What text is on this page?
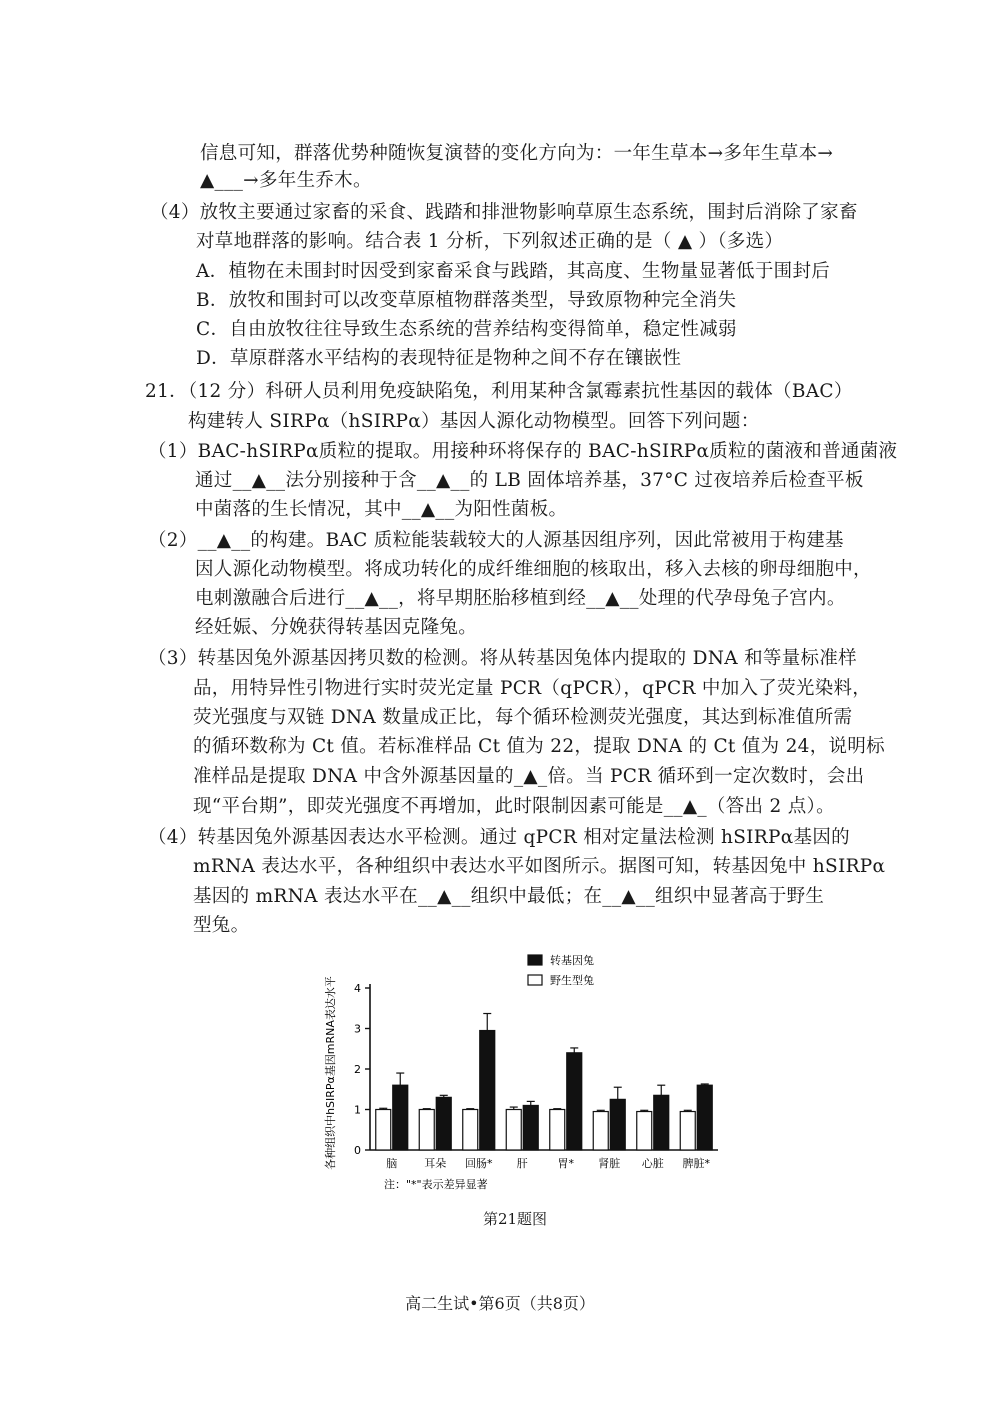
信息可知，群落优势种随恢复演替的变化方向为：一年生草本→多年生草本→
▲___→多年生乔木。
（4）放牧主要通过家畜的采食、践踏和排泄物影响草原生态系统，围封后消除了家畜
对草地群落的影响。结合表 1 分析，下列叙述正确的是（ ▲ ）（多选）
A．植物在未围封时因受到家畜采食与践踏，其高度、生物量显著低于围封后
B．放牧和围封可以改变草原植物群落类型，导致原物种完全消失
C．自由放牧往往导致生态系统的营养结构变得简单，稳定性减弱
D．草原群落水平结构的表现特征是物种之间不存在镶嵌性
21．（12 分）科研人员利用免疫缺陷兔，利用某种含氯霉素抗性基因的载体（BAC）
构建转人 SIRPα（hSIRPα）基因人源化动物模型。回答下列问题：
（1）BAC-hSIRPα质粒的提取。用接种环将保存的 BAC-hSIRPα质粒的菌液和普通菌液
通过__▲__法分别接种于含__▲__的 LB 固体培养基，37°C 过夜培养后检查平板
中菌落的生长情况，其中__▲__为阳性菌板。
（2）__▲__的构建。BAC 质粒能装载较大的人源基因组序列，因此常被用于构建基
因人源化动物模型。将成功转化的成纤维细胞的核取出，移入去核的卵母细胞中，
电刺激融合后进行__▲__，将早期胚胎移植到经__▲__处理的代孕母兔子宫内。
经妊娠、分娩获得转基因克隆兔。
（3）转基因兔外源基因拷贝数的检测。将从转基因兔体内提取的 DNA 和等量标准样
品，用特异性引物进行实时荧光定量 PCR（qPCR），qPCR 中加入了荧光染料，
荧光强度与双链 DNA 数量成正比，每个循环检测荧光强度，其达到标准值所需
的循环数称为 Ct 值。若标准样品 Ct 值为 22，提取 DNA 的 Ct 值为 24，说明标
准样品是提取 DNA 中含外源基因量的_▲_倍。当 PCR 循环到一定次数时，会出
现“平台期”，即荧光强度不再增加，此时限制因素可能是__▲_（答出 2 点）。
（4）转基因兔外源基因表达水平检测。通过 qPCR 相对定量法检测 hSIRPα基因的
mRNA 表达水平，各种组织中表达水平如图所示。据图可知，转基因兔中 hSIRPα
基因的 mRNA 表达水平在__▲__组织中最低；在__▲__组织中显著高于野生
型兔。
各种组织中hSIRPα基因mRNA表达水平 0
1
2
3
4
脑 耳朵 回肠* 肝	胃* 肾脏 心脏 脾脏*
转基因兔
野生型兔
注："*"表示差异显著
第21题图
高二生试•第6页（共8页）
